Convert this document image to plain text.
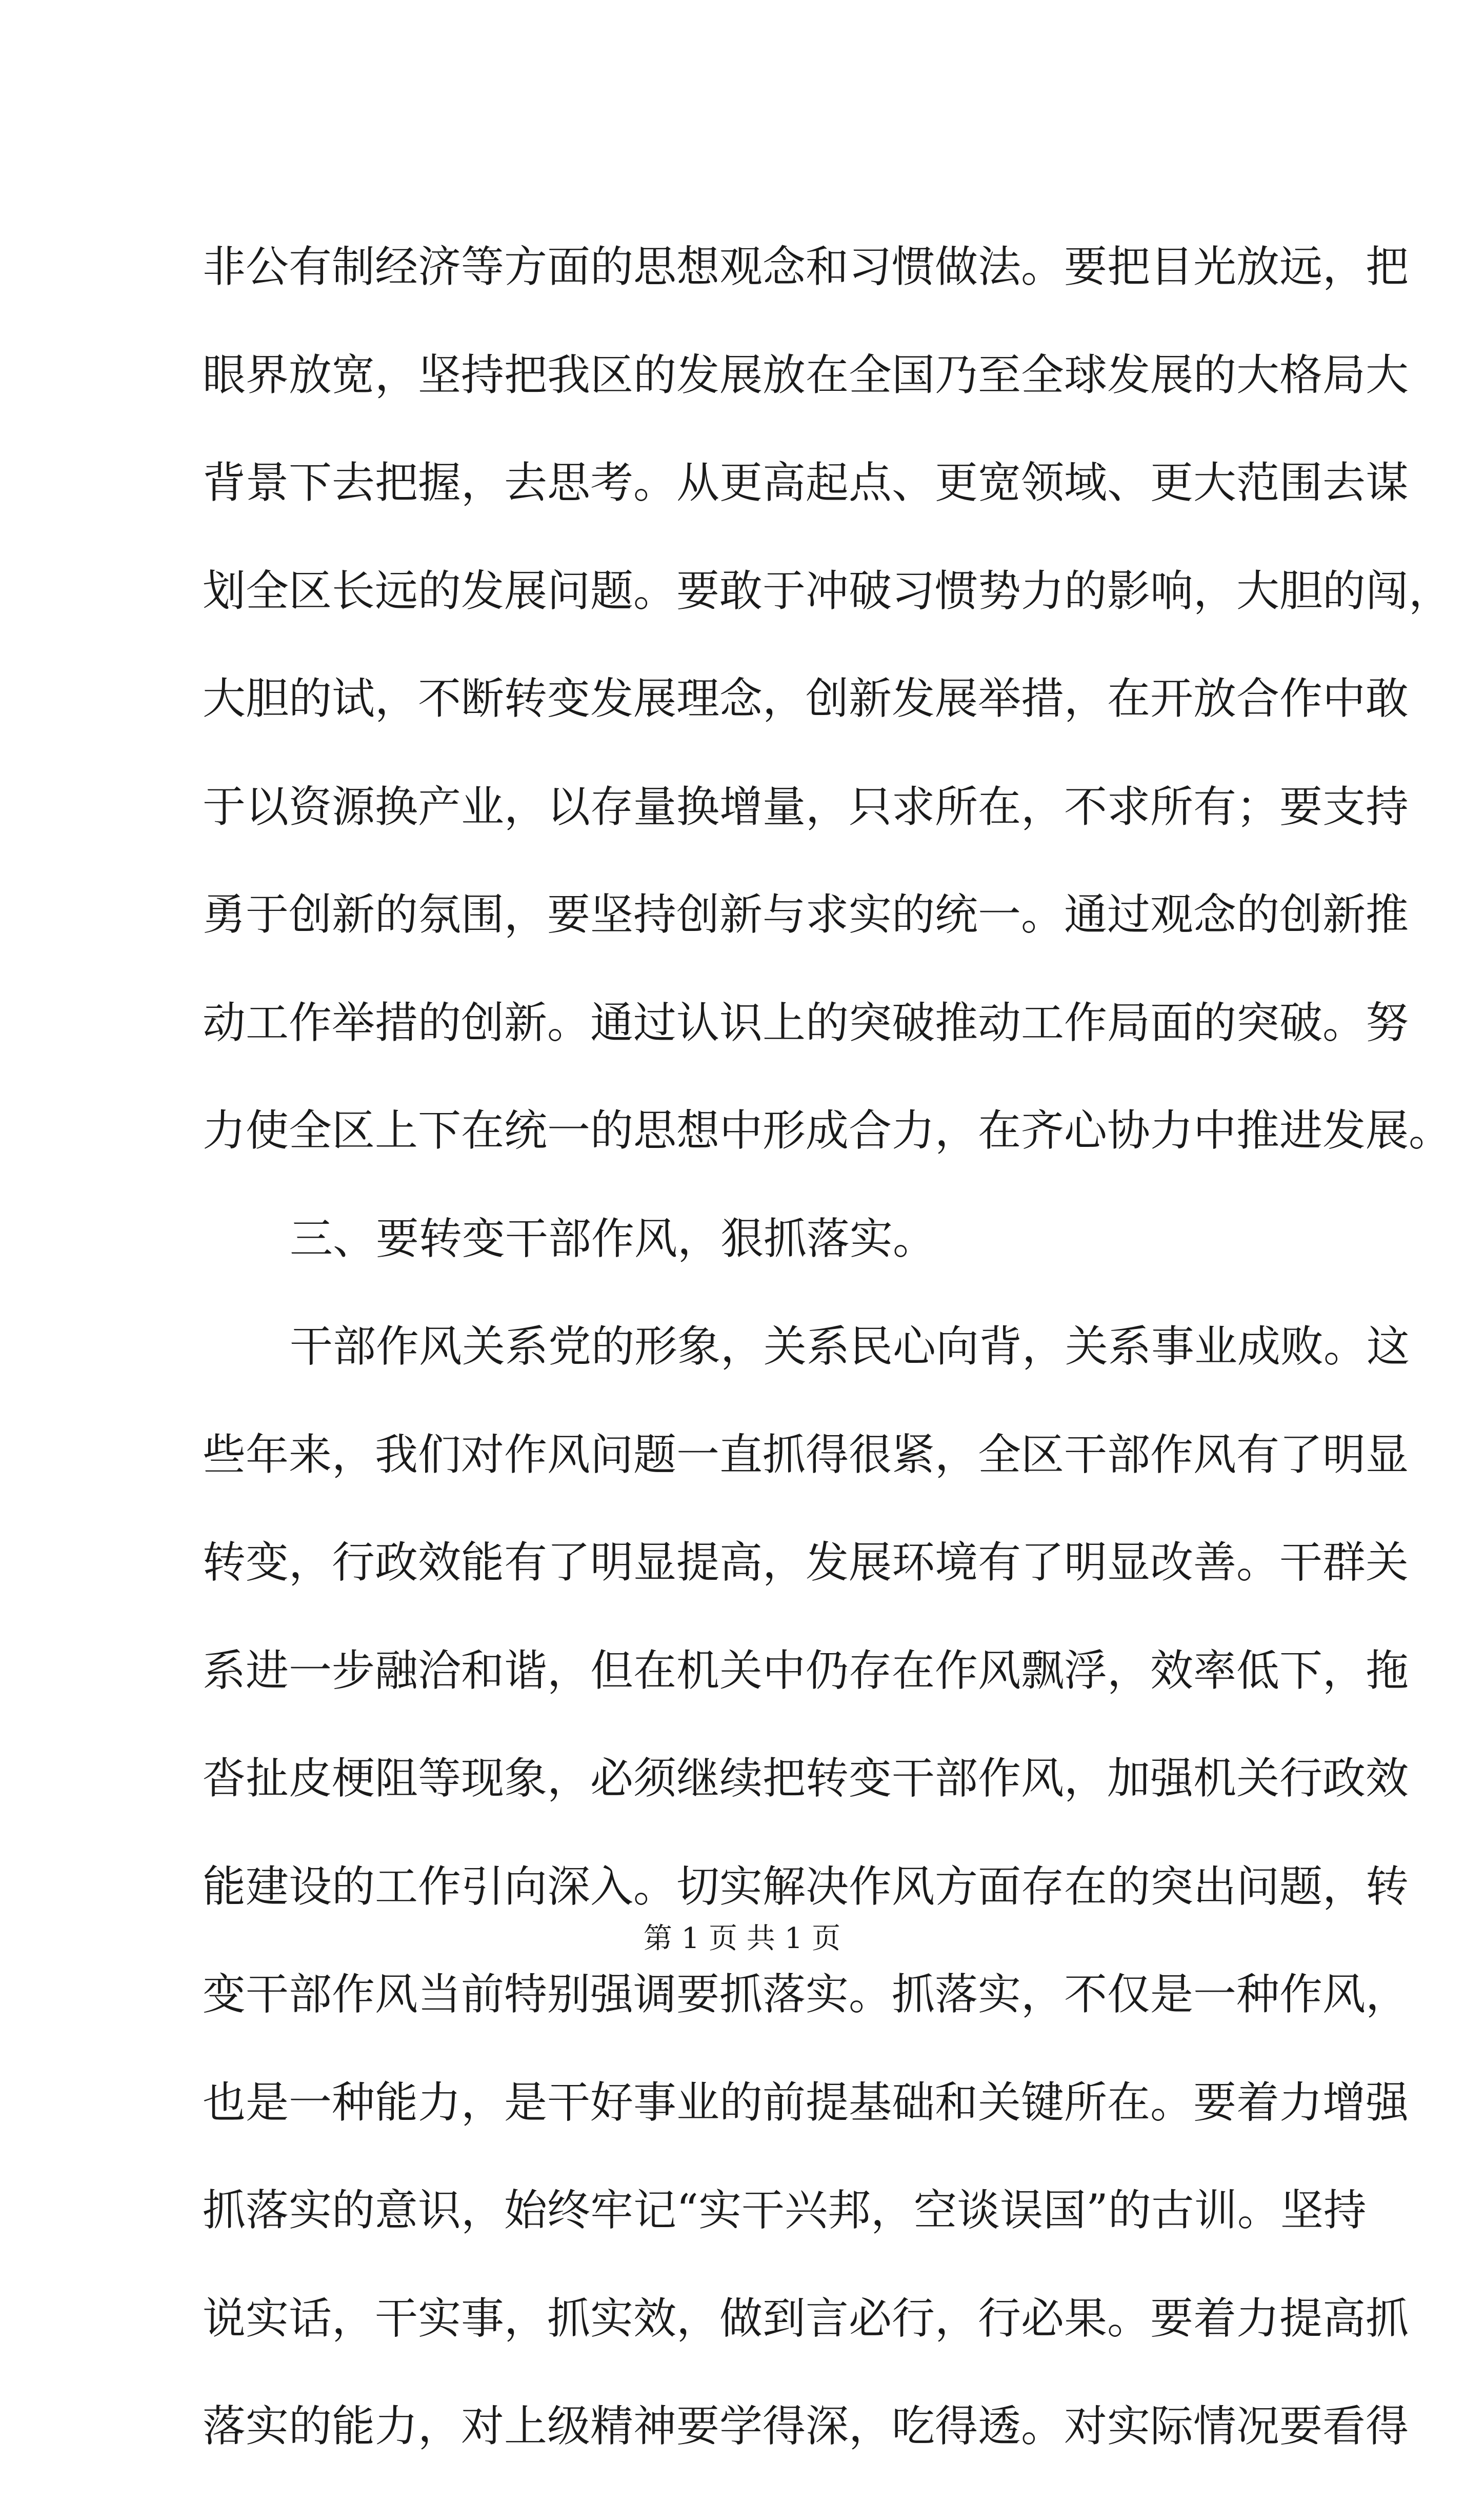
非公有制经济等方面的思想观念和习惯做法。要把目光放远，把
眼界放宽，坚持把我区的发展放在全国乃至全球发展的大格局大
背景下去把握，去思考。从更高起点、更宽领域、更大范围去谋
划全区长远的发展问题。要敢于冲破习惯势力的影响，大胆的闯，
大胆的试，不断转变发展理念，创新发展举措，在开放合作中敢
于以资源换产业，以存量换增量，只求所在，不求所有；要支持
勇于创新的氛围，要坚持创新与求实的统一。通过观念的创新推
动工作举措的创新。通过认识上的突破推动工作局面的突破。努
力使全区上下在统一的思想中形成合力，在齐心协力中推进发展。
三、要转变干部作风，狠抓落实。
干部作风关系党的形象，关系民心向背，关系事业成败。这
些年来，我们对作风问题一直抓得很紧，全区干部作风有了明显
转变，行政效能有了明显提高，发展环境有了明显改善。干群关
系进一步融洽和谐，但在机关中仍存在作风飘浮，效率低下，拖
沓扯皮梗阻等现象，必须继续把转变干部作风，加强机关行政效
能建设的工作引向深入。切实解决作风方面存在的突出问题，转
变干部作风当前特别强调要抓落实。抓落实，不仅是一种作风，
也是一种能力，是干好事业的前提基础和关键所在。要着力增强
抓落实的意识，始终牢记“实干兴邦，空谈误国”的古训。坚持
说实话，干实事，抓实效，做到言必行，行必果。要着力提高抓
落实的能力，对上级精神要学得深，吃得透。对实际情况要看得
第 1 页 共 1 页
